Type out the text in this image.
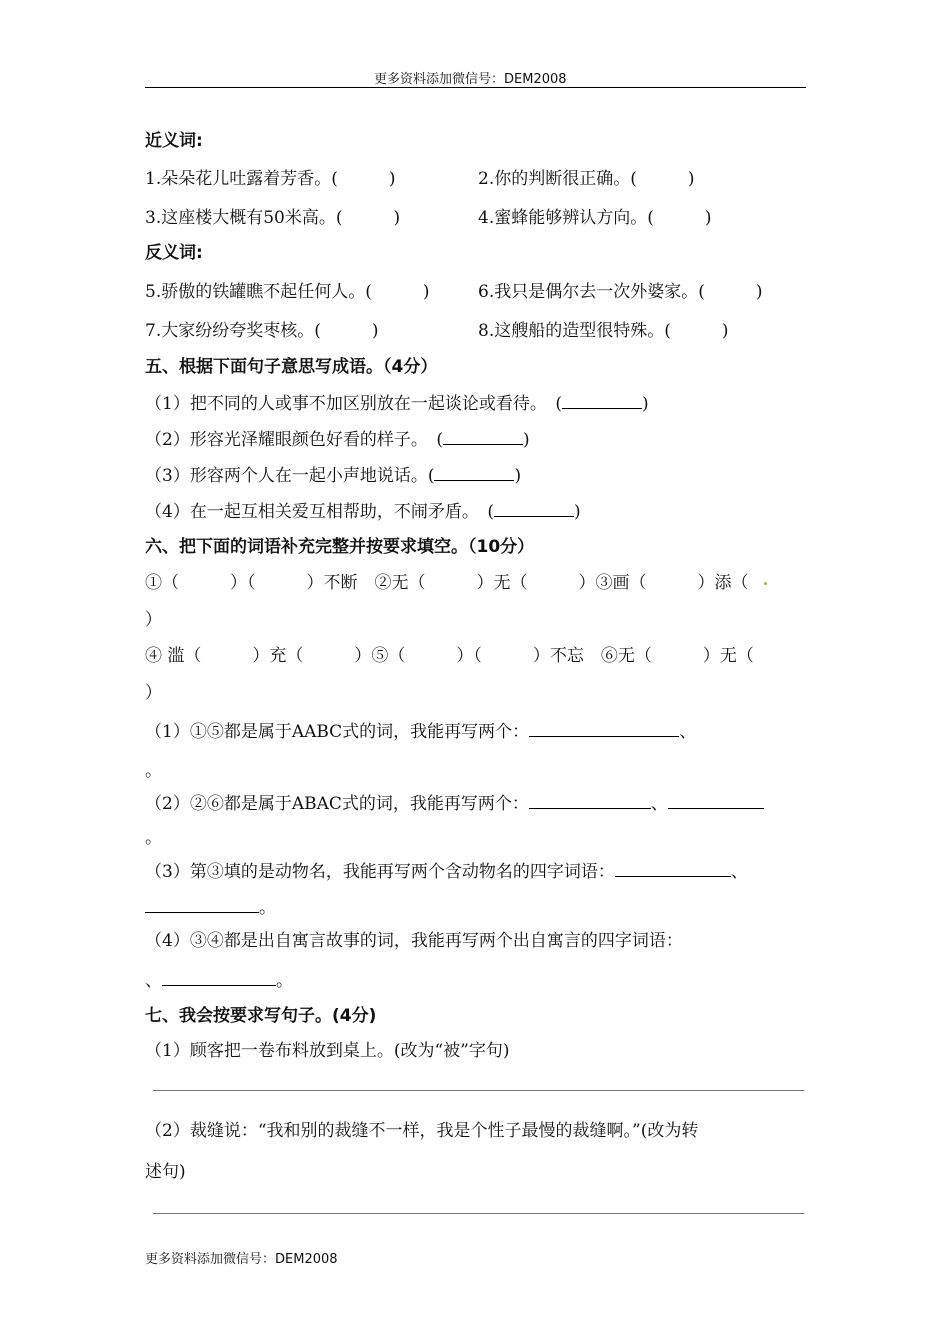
更多资料添加微信号：DEM2008
近义词:
1.朵朵花儿吐露着芳香。(　　　)	2.你的判断很正确。(　　　)
3.这座楼大概有50米高。(　　　)	4.蜜蜂能够辨认方向。(　　　)
反义词:
5.骄傲的铁罐瞧不起任何人。(　　　)	6.我只是偶尔去一次外婆家。(　　　)
7.大家纷纷夸奖枣核。(　　　)	8.这艘船的造型很特殊。(　　　)
五、根据下面句子意思写成语。（4分）
（1）把不同的人或事不加区别放在一起谈论或看待。　(	)
（2）形容光泽耀眼颜色好看的样子。　(	)
（3）形容两个人在一起小声地说话。(	)
（4）在一起互相关爱互相帮助，不闹矛盾。　(	)
六、把下面的词语补充完整并按要求填空。（10分）
①（　　　）（　　　）不断　②无（　　　）无（　　　）③画（　　　）添（
）
④ 滥（　　　）充（　　　）⑤（　　　）（　　　）不忘　⑥无（　　　）无（
）
（1）①⑤都是属于AABC式的词，我能再写两个：	、
。
（2）②⑥都是属于ABAC式的词，我能再写两个：	、
。
（3）第③填的是动物名，我能再写两个含动物名的四字词语：	、
。
（4）③④都是出自寓言故事的词，我能再写两个出自寓言的四字词语：
、	。
七、我会按要求写句子。(4分)
（1）顾客把一卷布料放到桌上。(改为“被”字句)
（2）裁缝说：“我和别的裁缝不一样，我是个性子最慢的裁缝啊。”(改为转
述句)
更多资料添加微信号：DEM2008
